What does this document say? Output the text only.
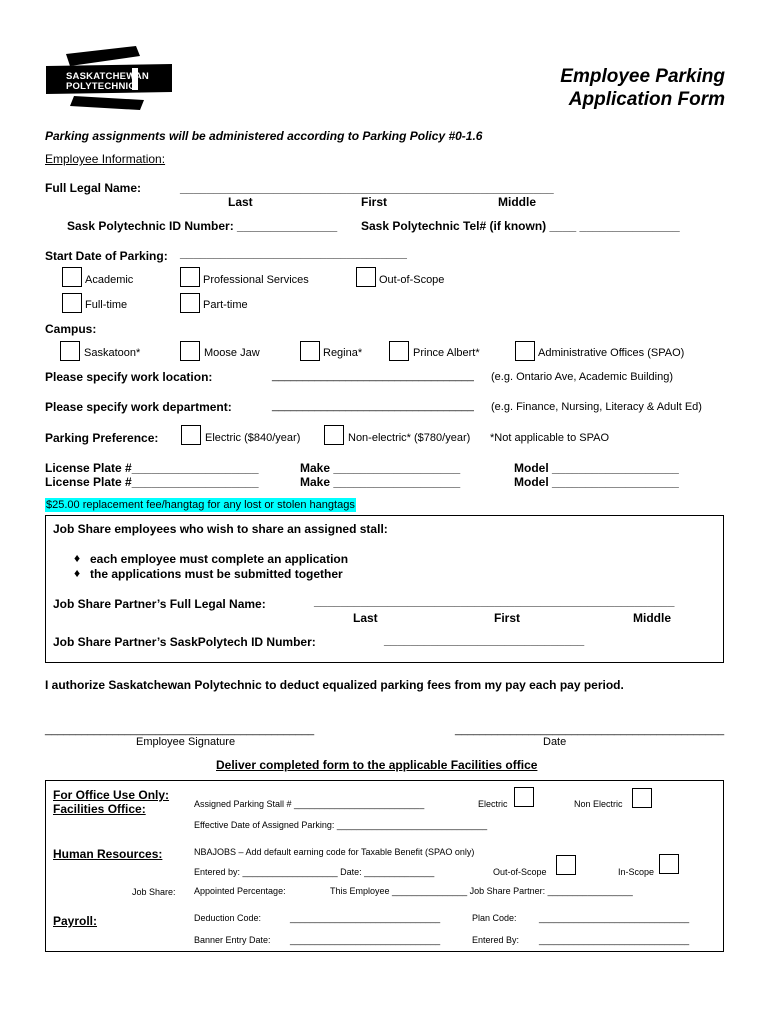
SASKATCHEWAN
POLYTECHNIC	Employee Parking
Application Form
Parking assignments will be administered according to Parking Policy #0-1.6
Employee Information:
Full Legal Name:	________________________________________________________
Last	First	Middle
Sask Polytechnic ID Number: _______________ Sask Polytechnic Tel# (if known) ____ _______________
Start Date of Parking: __________________________________
Academic	Professional Services	Out-of-Scope
Full-time	Part-time
Campus:
Saskatoon*	Moose Jaw	Regina*	Prince Albert*	Administrative Offices (SPAO)
Please specify work location:	_________________________________ (e.g. Ontario Ave, Academic Building)
Please specify work department:	_________________________________ (e.g. Finance, Nursing, Literacy & Adult Ed)
Parking Preference:	Electric ($840/year)	Non-electric* ($780/year) *Not applicable to SPAO
License Plate #___________________	Make ___________________	Model ___________________
License Plate #___________________	Make ___________________	Model ___________________
$25.00 replacement fee/hangtag for any lost or stolen hangtags
Job Share employees who wish to share an assigned stall:
♦ each employee must complete an application
♦ the applications must be submitted together
Job Share Partner’s Full Legal Name:	______________________________________________________
Last	First	Middle
Job Share Partner’s SaskPolytech ID Number:	______________________________
I authorize Saskatchewan Polytechnic to deduct equalized parking fees from my pay each pay period.
____________________________________________
Employee Signature
____________________________________________
Date
Deliver completed form to the applicable Facilities office
For Office Use Only:
Facilities Office:	Assigned Parking Stall # __________________________	Electric	Non Electric
Effective Date of Assigned Parking: ______________________________
Human Resources:	NBAJOBS – Add default earning code for Taxable Benefit (SPAO only)
Entered by: ___________________ Date: ______________	Out-of-Scope	In-Scope
Job Share: Appointed Percentage:	This Employee _______________ Job Share Partner: _________________
Payroll:	Deduction Code:	______________________________	Plan Code: ______________________________
Banner Entry Date: ______________________________	Entered By: ______________________________
